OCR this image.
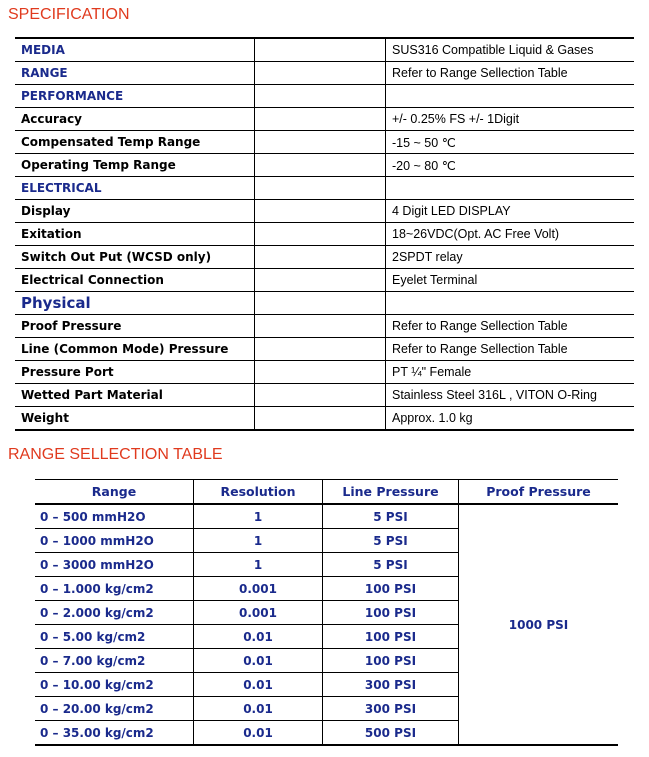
SPECIFICATION
MEDIA		SUS316 Compatible Liquid & Gases
RANGE		Refer to Range Sellection Table
PERFORMANCE		
Accuracy		+/- 0.25% FS +/- 1Digit
Compensated Temp Range		-15 ~ 50 ℃
Operating Temp Range		-20 ~ 80 ℃
ELECTRICAL		
Display		4 Digit LED DISPLAY
Exitation		18~26VDC(Opt. AC Free Volt)
Switch Out Put (WCSD only)		2SPDT relay
Electrical Connection		Eyelet Terminal
Physical		
Proof Pressure		Refer to Range Sellection Table
Line (Common Mode) Pressure		Refer to Range Sellection Table
Pressure Port		PT ¼" Female
Wetted Part Material		Stainless Steel 316L , VITON O-Ring
Weight		Approx. 1.0 kg
RANGE SELLECTION TABLE
Range	Resolution	Line Pressure	Proof Pressure
0 – 500 mmH2O	1	5 PSI	1000 PSI
0 – 1000 mmH2O	1	5 PSI	
0 – 3000 mmH2O	1	5 PSI	
0 – 1.000 kg/cm2	0.001	100 PSI	
0 – 2.000 kg/cm2	0.001	100 PSI	
0 – 5.00 kg/cm2	0.01	100 PSI	
0 – 7.00 kg/cm2	0.01	100 PSI	
0 – 10.00 kg/cm2	0.01	300 PSI	
0 – 20.00 kg/cm2	0.01	300 PSI	
0 – 35.00 kg/cm2	0.01	500 PSI	
